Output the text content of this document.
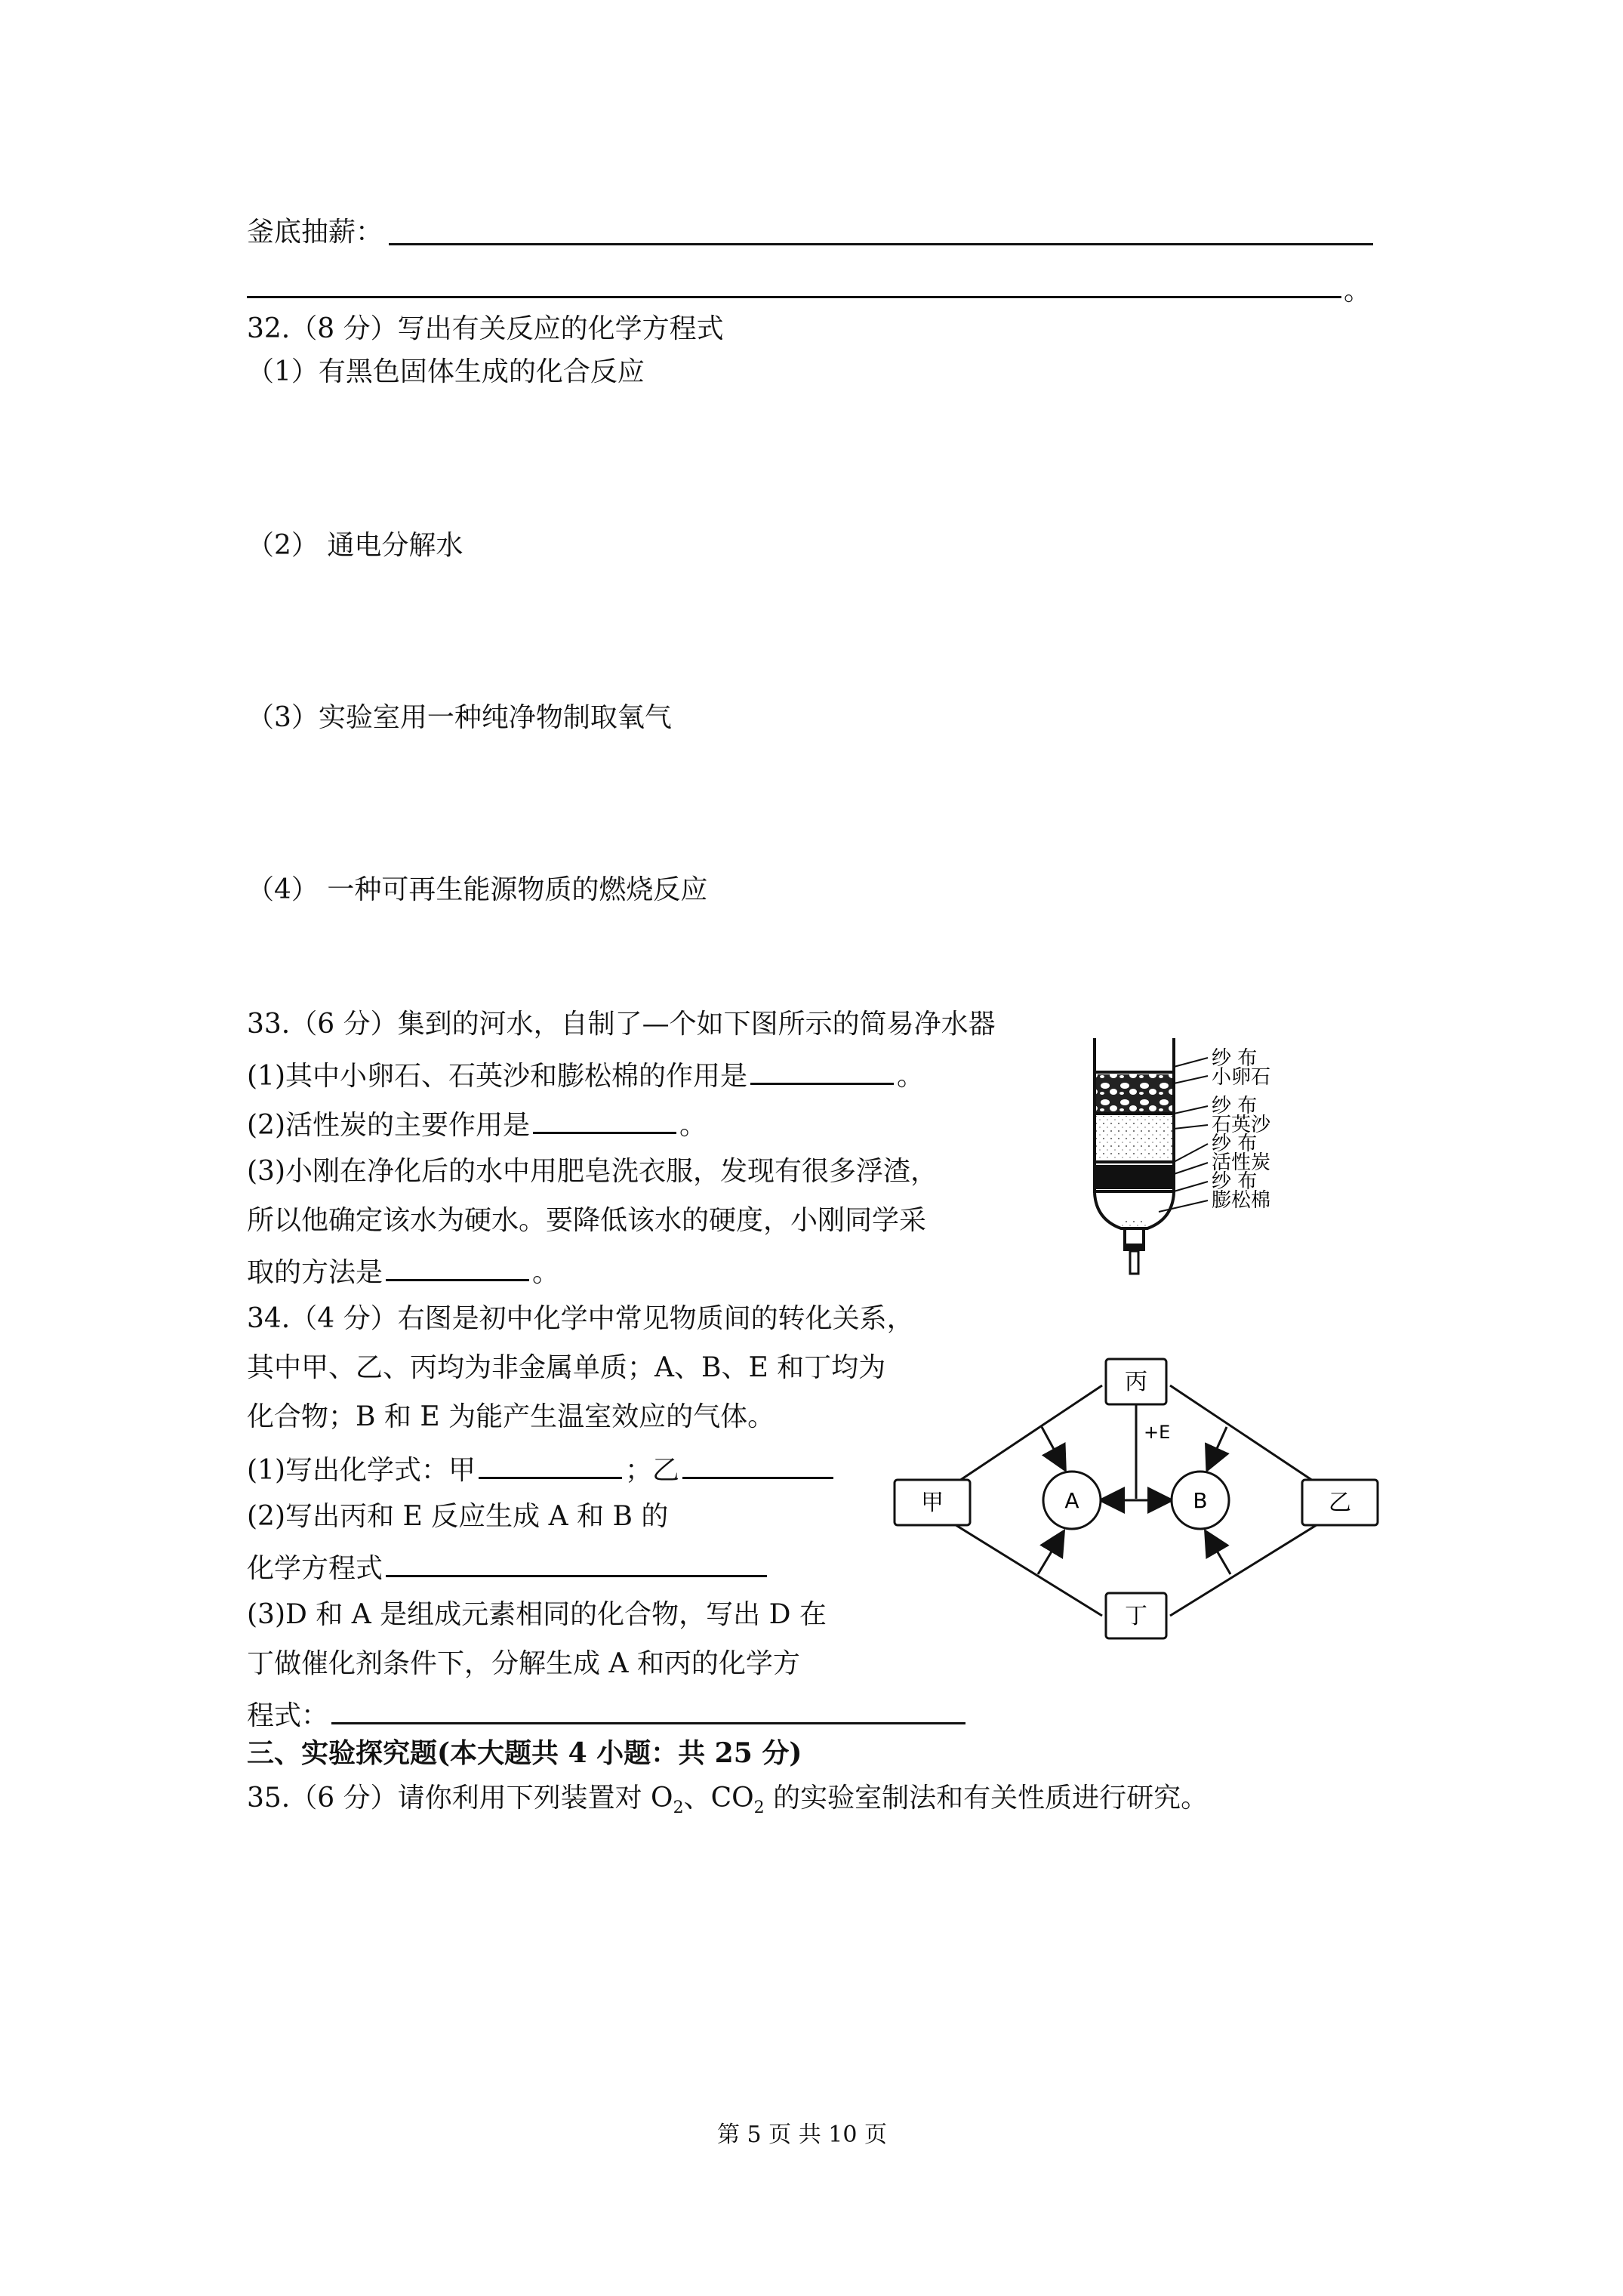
釜底抽薪：
。
32.（8 分）写出有关反应的化学方程式
（1）有黑色固体生成的化合反应
（2） 通电分解水
（3）实验室用一种纯净物制取氧气
（4） 一种可再生能源物质的燃烧反应
33.（6 分）集到的河水，自制了—个如下图所示的简易净水器
(1)其中小卵石、石英沙和膨松棉的作用是	。
(2)活性炭的主要作用是	。
(3)小刚在净化后的水中用肥皂洗衣服，发现有很多浮渣，
所以他确定该水为硬水。要降低该水的硬度，小刚同学采
取的方法是	。
纱 布
小卵石
纱 布
石英沙
纱 布
活性炭
纱 布
膨松棉
34.（4 分）右图是初中化学中常见物质间的转化关系，
其中甲、乙、丙均为非金属单质；A、B、E 和丁均为
化合物；B 和 E 为能产生温室效应的气体。
(1)写出化学式：甲	；乙
(2)写出丙和 E 反应生成 A 和 B 的
化学方程式
(3)D 和 A 是组成元素相同的化合物，写出 D 在
丁做催化剂条件下，分解生成 A 和丙的化学方
程式：
+E
丙
甲	乙
丁
A	B
三、实验探究题(本大题共 4 小题：共 25 分)
35.（6 分）请你利用下列装置对 $O_2$、$CO_2$ 的实验室制法和有关性质进行研究。
第 5 页 共 10 页
